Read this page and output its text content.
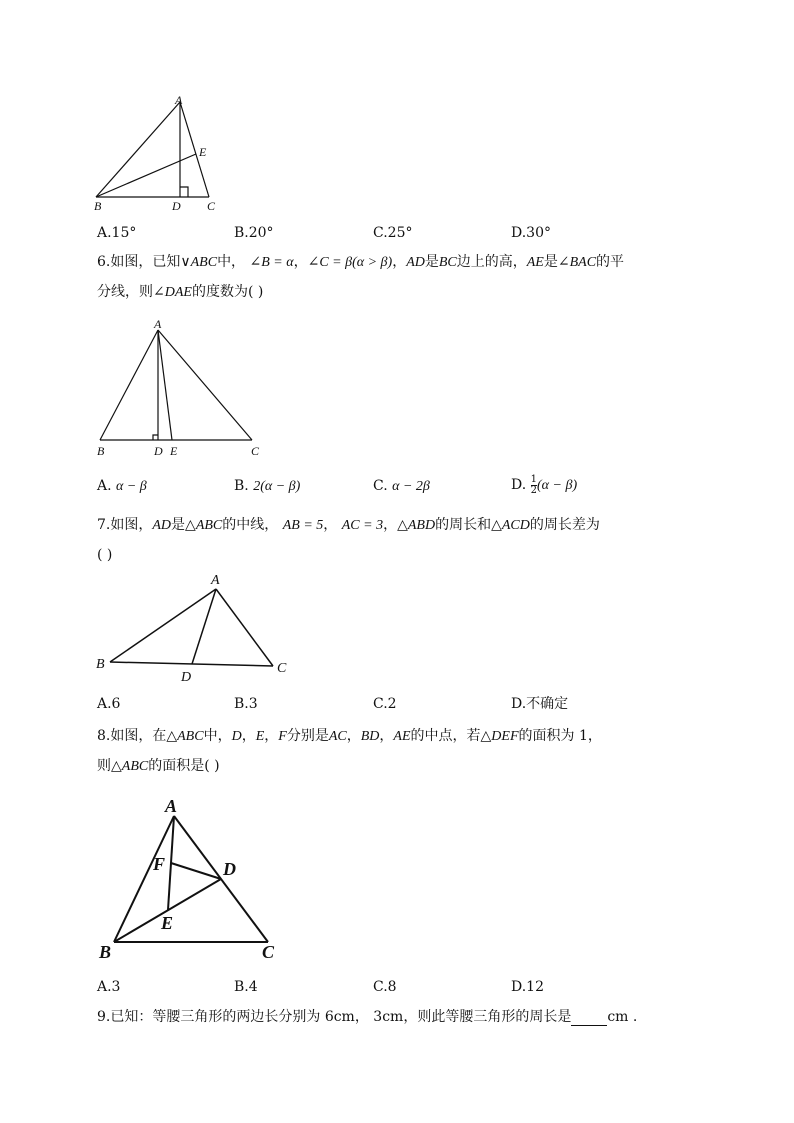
A
E
B	D C
A.15°	B.20°	C.25°	D.30°
6.如图，已知∨ABC中， ∠B = α，∠C = β(α > β)，AD是BC边上的高，AE是∠BAC的平
分线，则∠DAE的度数为( )
A
B	D E	C
A. α − β	B. 2(α − β)	C. α − 2β	D. $\frac{1}{2} (\alpha - \beta)$
7.如图，AD是△ABC的中线， AB = 5， AC = 3，△ABD的周长和△ACD的周长差为
( )
A
B
D
C
A.6	B.3	C.2	D.不确定
8.如图，在△ABC中，D，E，F分别是AC，BD，AE的中点，若△DEF的面积为 1，
则△ABC的面积是( )
A
F	D
E
B	C
A.3	B.4	C.8	D.12
9.已知：等腰三角形的两边长分别为 6cm， 3cm，则此等腰三角形的周长是	cm .
